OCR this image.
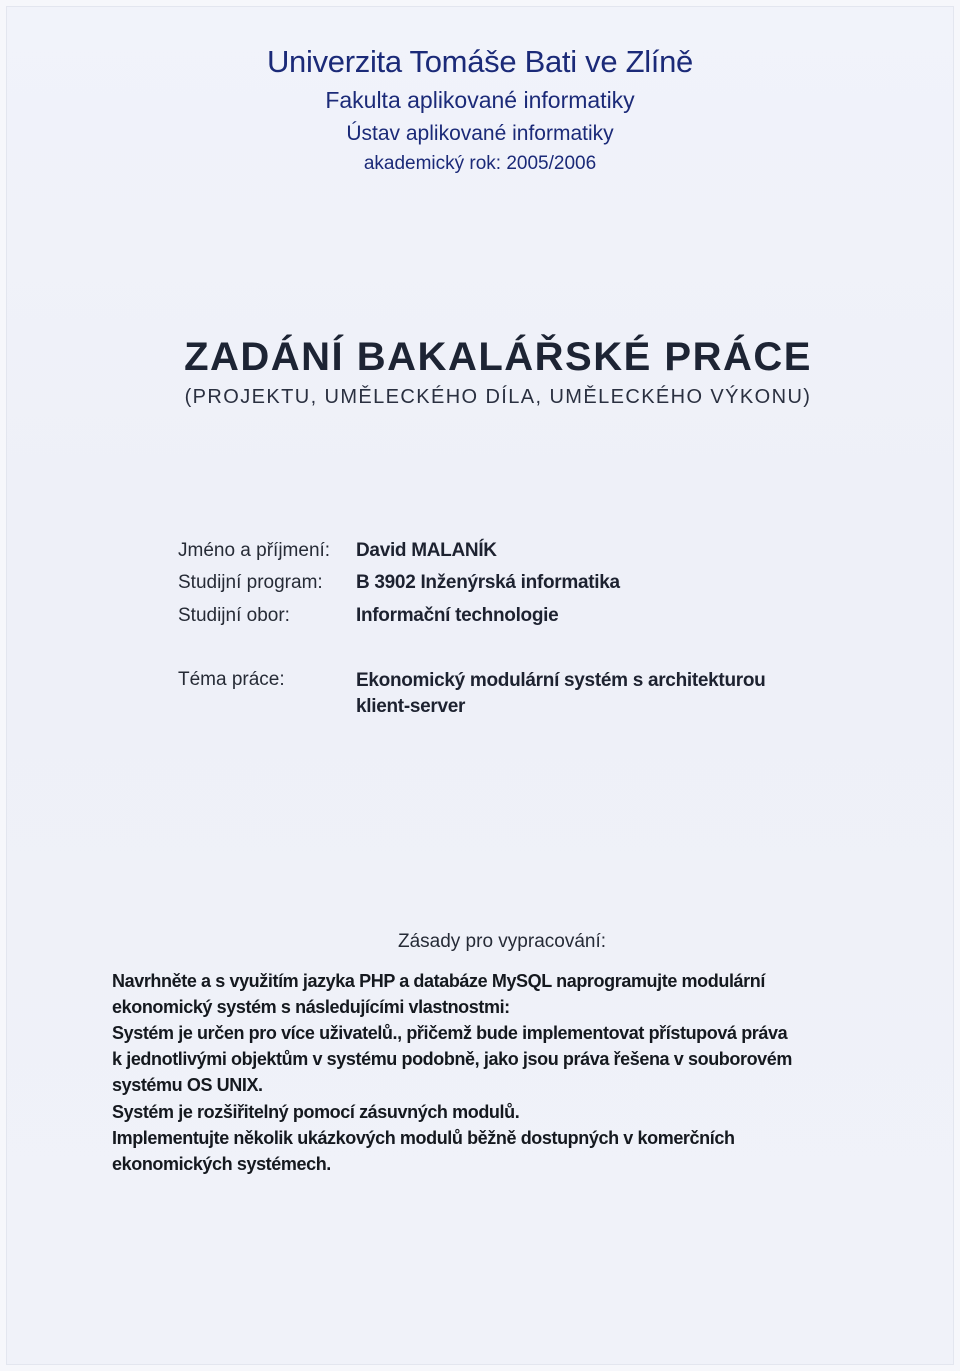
Univerzita Tomáše Bati ve Zlíně
Fakulta aplikované informatiky
Ústav aplikované informatiky
akademický rok: 2005/2006
ZADÁNÍ BAKALÁŘSKÉ PRÁCE
(PROJEKTU, UMĚLECKÉHO DÍLA, UMĚLECKÉHO VÝKONU)
Jméno a příjmení: David MALANÍK
Studijní program: B 3902 Inženýrská informatika
Studijní obor:	Informační technologie
Téma práce:	Ekonomický modulární systém s architekturou
klient-server
Zásady pro vypracování:
Navrhněte a s využitím jazyka PHP a databáze MySQL naprogramujte modulární
ekonomický systém s následujícími vlastnostmi:
Systém je určen pro více uživatelů., přičemž bude implementovat přístupová práva
k jednotlivými objektům v systému podobně, jako jsou práva řešena v souborovém
systému OS UNIX.
Systém je rozšiřitelný pomocí zásuvných modulů.
Implementujte několik ukázkových modulů běžně dostupných v komerčních
ekonomických systémech.
